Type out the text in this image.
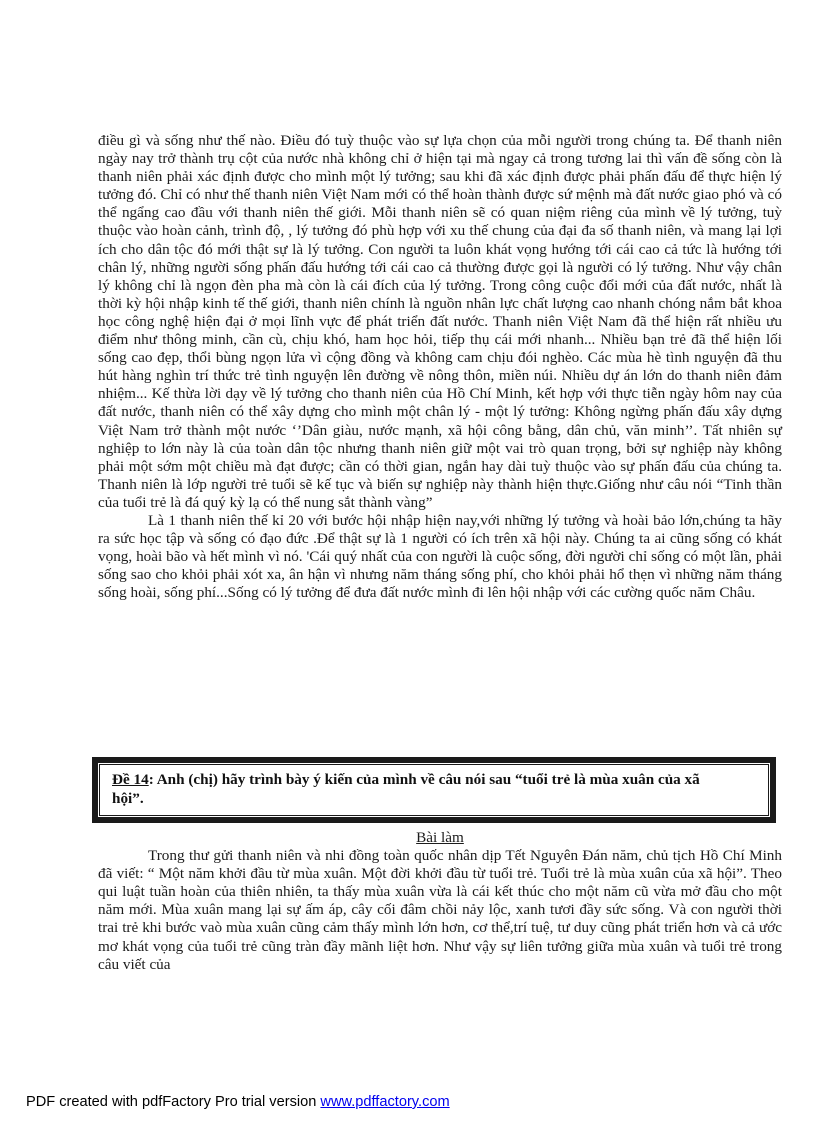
điều gì và sống như thế nào. Điều đó tuỳ thuộc vào sự lựa chọn của mỗi người trong chúng ta. Để thanh niên ngày nay trở thành trụ cột của nước nhà không chỉ ở hiện tại mà ngay cả trong tương lai thì vấn đề sống còn là thanh niên phải xác định được cho mình một lý tưởng; sau khi đã xác định được phải phấn đấu để thực hiện lý tưởng đó. Chỉ có như thế thanh niên Việt Nam mới có thể hoàn thành được sứ mệnh mà đất nước giao phó và có thể ngẩng cao đầu với thanh niên thế giới. Mỗi thanh niên sẽ có quan niệm riêng của mình về lý tưởng, tuỳ thuộc vào hoàn cảnh, trình độ, , lý tưởng đó phù hợp với xu thế chung của đại đa số thanh niên, và mang lại lợi ích cho dân tộc đó mới thật sự là lý tưởng. Con người ta luôn khát vọng hướng tới cái cao cả tức là hướng tới chân lý, những người sống phấn đấu hướng tới cái cao cả thường được gọi là người có lý tưởng. Như vậy chân lý không chỉ là ngọn đèn pha mà còn là cái đích của lý tưởng. Trong công cuộc đổi mới của đất nước, nhất là thời kỳ hội nhập kinh tế thế giới, thanh niên chính là nguồn nhân lực chất lượng cao nhanh chóng nắm bắt khoa học công nghệ hiện đại ở mọi lĩnh vực để phát triển đất nước. Thanh niên Việt Nam đã thể hiện rất nhiều ưu điểm như thông minh, cần cù, chịu khó, ham học hỏi, tiếp thụ cái mới nhanh... Nhiều bạn trẻ đã thể hiện lối sống cao đẹp, thổi bùng ngọn lửa vì cộng đồng và không cam chịu đói nghèo. Các mùa hè tình nguyện đã thu hút hàng nghìn trí thức trẻ tình nguyện lên đường về nông thôn, miền núi. Nhiều dự án lớn do thanh niên đảm nhiệm... Kế thừa lời dạy về lý tưởng cho thanh niên của Hồ Chí Minh, kết hợp với thực tiễn ngày hôm nay của đất nước, thanh niên có thể xây dựng cho mình một chân lý - một lý tưởng: Không ngừng phấn đấu xây dựng Việt Nam trở thành một nước ‘’Dân giàu, nước mạnh, xã hội công bằng, dân chủ, văn minh’’. Tất nhiên sự nghiệp to lớn này là của toàn dân tộc nhưng thanh niên giữ một vai trò quan trọng, bởi sự nghiệp này không phải một sớm một chiều mà đạt được; cần có thời gian, ngắn hay dài tuỳ thuộc vào sự phấn đấu của chúng ta. Thanh niên là lớp người trẻ tuổi sẽ kế tục và biến sự nghiệp này thành hiện thực.Giống như câu nói “Tinh thần của tuổi trẻ là đá quý kỳ lạ có thể nung sắt thành vàng”

Là 1 thanh niên thế kỉ 20 với bước hội nhập hiện nay,với những lý tưởng và hoài bảo lớn,chúng ta hãy ra sức học tập và sống có đạo đức .Để thật sự là 1 người có ích trên xã hội này. Chúng ta ai cũng sống có khát vọng, hoài bão và hết mình vì nó. 'Cái quý nhất của con người là cuộc sống, đời người chỉ sống có một lần, phải sống sao cho khỏi phải xót xa, ân hận vì nhưng năm tháng sống phí, cho khỏi phải hổ thẹn vì những năm tháng sống hoài, sống phí...Sống có lý tưởng để đưa đất nước mình đi lên hội nhập với các cường quốc năm Châu.

Đề 14: Anh (chị) hãy trình bày ý kiến của mình về câu nói sau “tuổi trẻ là mùa xuân của xã hội”.

Bài làm

Trong thư gửi thanh niên và nhi đồng toàn quốc nhân dịp Tết Nguyên Đán năm, chủ tịch Hồ Chí Minh đã viết: “ Một năm khởi đầu từ mùa xuân. Một đời khởi đầu từ tuổi trẻ. Tuổi trẻ là mùa xuân của xã hội”. Theo qui luật tuần hoàn của thiên nhiên, ta thấy mùa xuân vừa là cái kết thúc cho một năm cũ vừa mở đầu cho một năm mới. Mùa xuân mang lại sự ấm áp, cây cối đâm chồi nảy lộc, xanh tươi đầy sức sống. Và con người thời trai trẻ khi bước vaò mùa xuân cũng cảm thấy mình lớn hơn, cơ thể,trí tuệ, tư duy cũng phát triển hơn và cả ước mơ khát vọng của tuổi trẻ cũng tràn đầy mãnh liệt hơn. Như vậy sự liên tưởng giữa mùa xuân và tuổi trẻ trong câu viết của

PDF created with pdfFactory Pro trial version www.pdffactory.com
